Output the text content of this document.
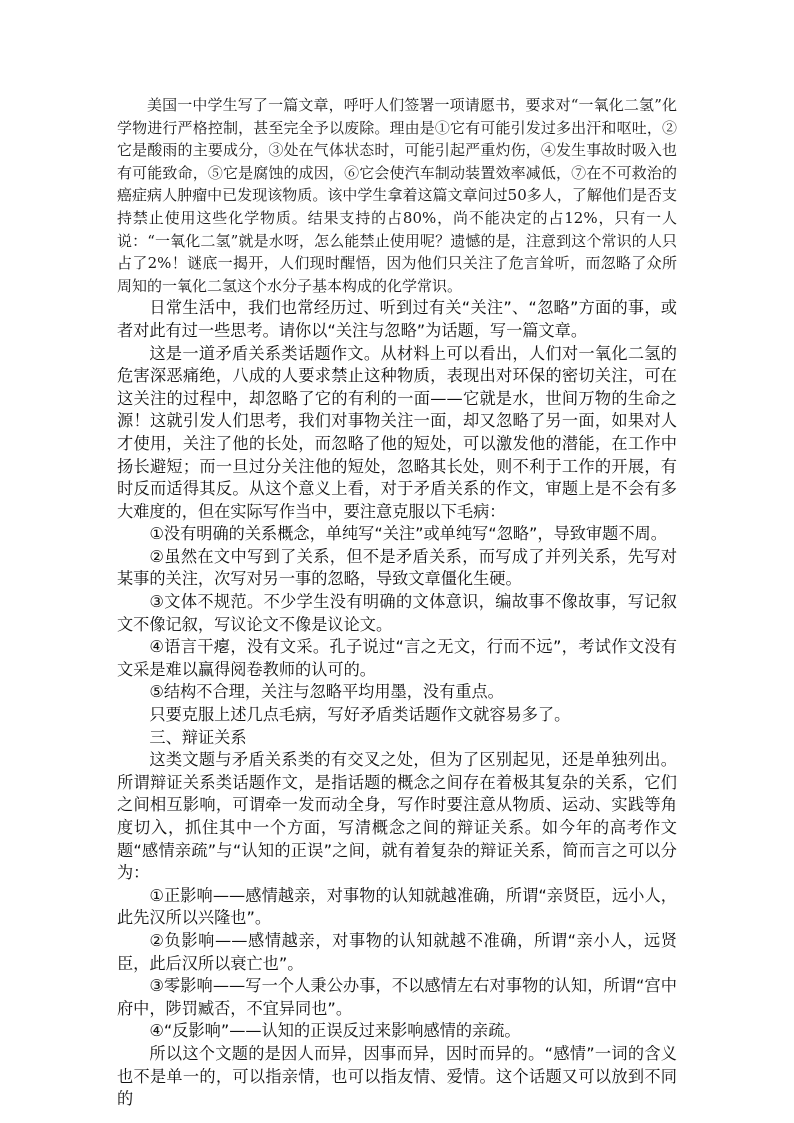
美国一中学生写了一篇文章，呼吁人们签署一项请愿书，要求对“一氧化二氢”化学物进行严格控制，甚至完全予以废除。理由是①它有可能引发过多出汗和呕吐，②它是酸雨的主要成分，③处在气体状态时，可能引起严重灼伤，④发生事故时吸入也有可能致命，⑤它是腐蚀的成因，⑥它会使汽车制动装置效率减低，⑦在不可救治的癌症病人肿瘤中已发现该物质。该中学生拿着这篇文章问过50多人，了解他们是否支持禁止使用这些化学物质。结果支持的占80%，尚不能决定的占12%，只有一人说：“一氧化二氢”就是水呀，怎么能禁止使用呢？遗憾的是，注意到这个常识的人只占了2%！谜底一揭开，人们现时醒悟，因为他们只关注了危言耸听，而忽略了众所周知的一氧化二氢这个水分子基本构成的化学常识。

日常生活中，我们也常经历过、听到过有关“关注”、“忽略”方面的事，或者对此有过一些思考。请你以“关注与忽略”为话题，写一篇文章。

这是一道矛盾关系类话题作文。从材料上可以看出，人们对一氧化二氢的危害深恶痛绝，八成的人要求禁止这种物质，表现出对环保的密切关注，可在这关注的过程中，却忽略了它的有利的一面——它就是水，世间万物的生命之源！这就引发人们思考，我们对事物关注一面，却又忽略了另一面，如果对人才使用，关注了他的长处，而忽略了他的短处，可以激发他的潜能，在工作中扬长避短；而一旦过分关注他的短处，忽略其长处，则不利于工作的开展，有时反而适得其反。从这个意义上看，对于矛盾关系的作文，审题上是不会有多大难度的，但在实际写作当中，要注意克服以下毛病：

①没有明确的关系概念，单纯写“关注”或单纯写“忽略”，导致审题不周。

②虽然在文中写到了关系，但不是矛盾关系，而写成了并列关系，先写对某事的关注，次写对另一事的忽略，导致文章僵化生硬。

③文体不规范。不少学生没有明确的文体意识，编故事不像故事，写记叙文不像记叙，写议论文不像是议论文。

④语言干瘪，没有文采。孔子说过“言之无文，行而不远”，考试作文没有文采是难以赢得阅卷教师的认可的。

⑤结构不合理，关注与忽略平均用墨，没有重点。

只要克服上述几点毛病，写好矛盾类话题作文就容易多了。

三、辩证关系

这类文题与矛盾关系类的有交叉之处，但为了区别起见，还是单独列出。所谓辩证关系类话题作文，是指话题的概念之间存在着极其复杂的关系，它们之间相互影响，可谓牵一发而动全身，写作时要注意从物质、运动、实践等角度切入，抓住其中一个方面，写清概念之间的辩证关系。如今年的高考作文题“感情亲疏”与“认知的正误”之间，就有着复杂的辩证关系，简而言之可以分为：

①正影响——感情越亲，对事物的认知就越准确，所谓“亲贤臣，远小人，此先汉所以兴隆也”。

②负影响——感情越亲，对事物的认知就越不准确，所谓“亲小人，远贤臣，此后汉所以衰亡也”。

③零影响——写一个人秉公办事，不以感情左右对事物的认知，所谓“宫中府中，陟罚臧否，不宜异同也”。

④“反影响”——认知的正误反过来影响感情的亲疏。

所以这个文题的是因人而异，因事而异，因时而异的。“感情”一词的含义也不是单一的，可以指亲情，也可以指友情、爱情。这个话题又可以放到不同的
